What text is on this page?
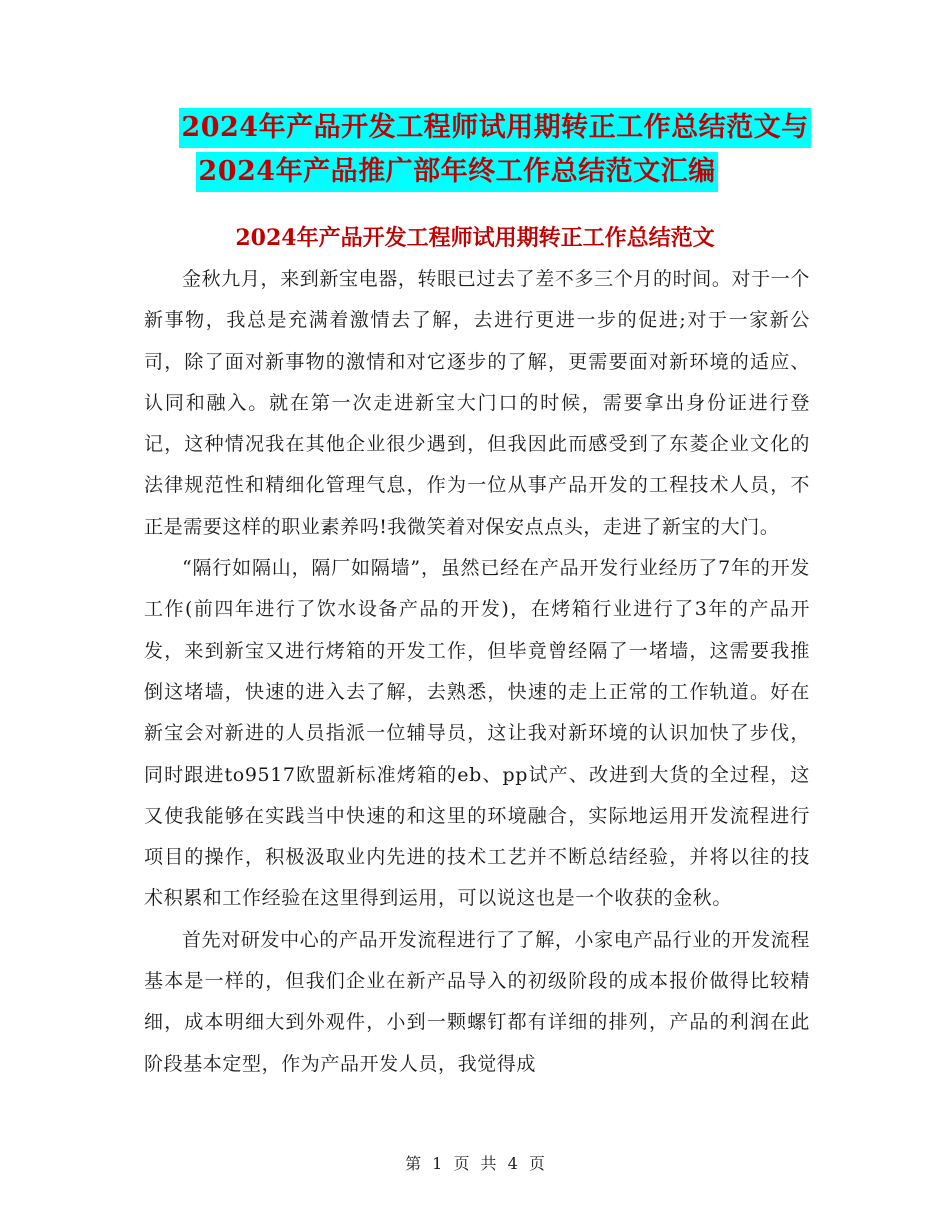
2024年产品开发工程师试用期转正工作总结范文与
2024年产品推广部年终工作总结范文汇编
2024年产品开发工程师试用期转正工作总结范文

金秋九月，来到新宝电器，转眼已过去了差不多三个月的时间。对于一个新事物，我总是充满着激情去了解，去进行更进一步的促进;对于一家新公司，除了面对新事物的激情和对它逐步的了解，更需要面对新环境的适应、认同和融入。就在第一次走进新宝大门口的时候，需要拿出身份证进行登记，这种情况我在其他企业很少遇到，但我因此而感受到了东菱企业文化的法律规范性和精细化管理气息，作为一位从事产品开发的工程技术人员，不正是需要这样的职业素养吗!我微笑着对保安点点头，走进了新宝的大门。

“隔行如隔山，隔厂如隔墙”，虽然已经在产品开发行业经历了7年的开发工作(前四年进行了饮水设备产品的开发)，在烤箱行业进行了3年的产品开发，来到新宝又进行烤箱的开发工作，但毕竟曾经隔了一堵墙，这需要我推倒这堵墙，快速的进入去了解，去熟悉，快速的走上正常的工作轨道。好在新宝会对新进的人员指派一位辅导员，这让我对新环境的认识加快了步伐，同时跟进to9517欧盟新标准烤箱的eb、pp试产、改进到大货的全过程，这又使我能够在实践当中快速的和这里的环境融合，实际地运用开发流程进行项目的操作，积极汲取业内先进的技术工艺并不断总结经验，并将以往的技术积累和工作经验在这里得到运用，可以说这也是一个收获的金秋。

首先对研发中心的产品开发流程进行了了解，小家电产品行业的开发流程基本是一样的，但我们企业在新产品导入的初级阶段的成本报价做得比较精细，成本明细大到外观件，小到一颗螺钉都有详细的排列，产品的利润在此阶段基本定型，作为产品开发人员，我觉得成

第 1 页 共 4 页
